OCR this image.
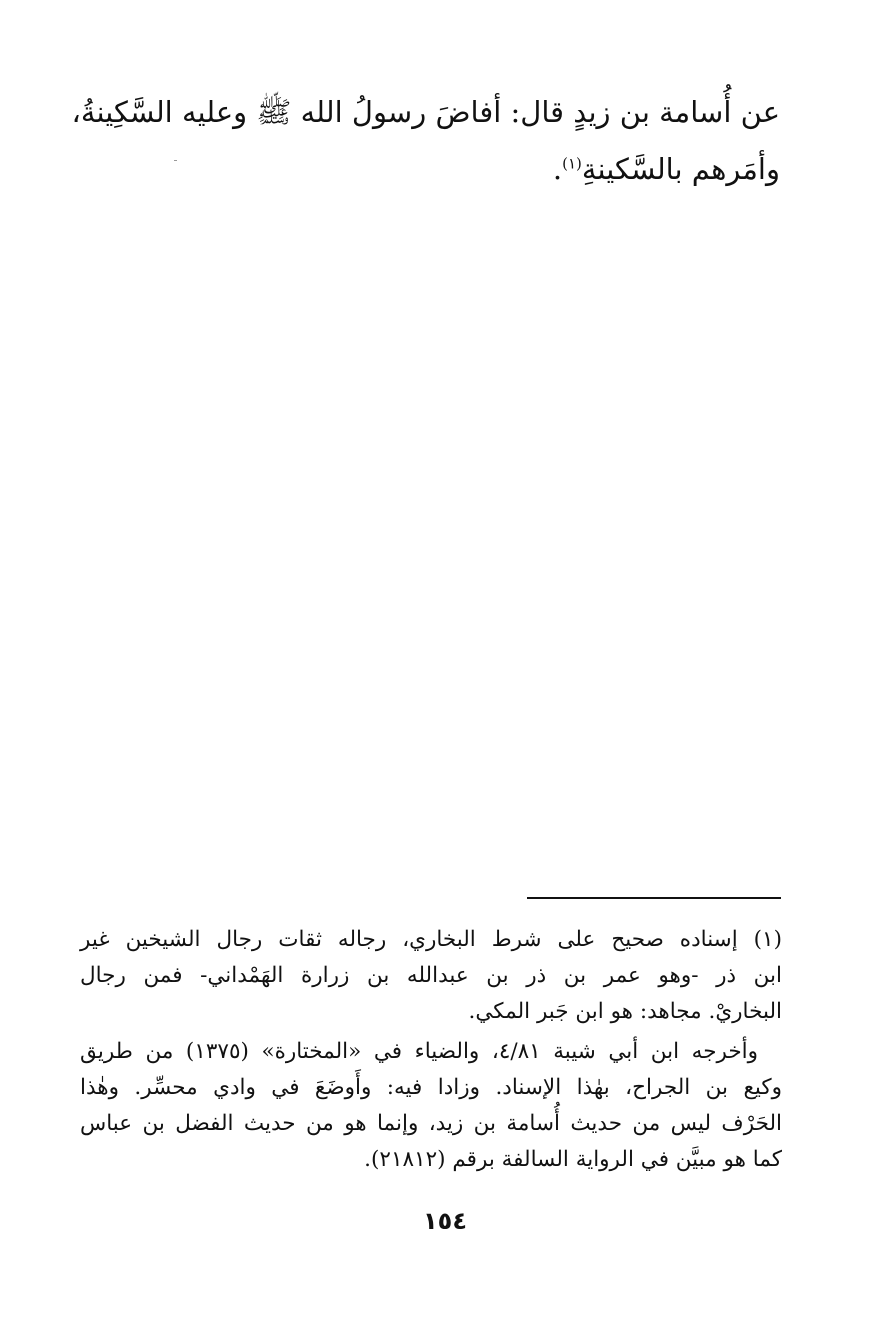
عن أُسامة بن زيدٍ قال: أفاضَ رسولُ الله ﷺ وعليه السَّكِينةُ،
وأمَرهم بالسَّكينةِ$^{(١)}$.
(١) إسناده صحيح على شرط البخاري، رجاله ثقات رجال الشيخين غير
ابن ذر -وهو عمر بن ذر بن عبدالله بن زرارة الهَمْداني- فمن رجال
البخاريْ. مجاهد: هو ابن جَبر المكي.
وأخرجه ابن أبي شيبة ٤/٨١، والضياء في «المختارة» (١٣٧٥) من طريق
وكيع بن الجراح، بهٰذا الإسناد. وزادا فيه: وأَوضَعَ في وادي محسِّر. وهٰذا
الحَرْف ليس من حديث أُسامة بن زيد، وإنما هو من حديث الفضل بن عباس
كما هو مبيَّن في الرواية السالفة برقم (٢١٨١٢).
١٥٤
